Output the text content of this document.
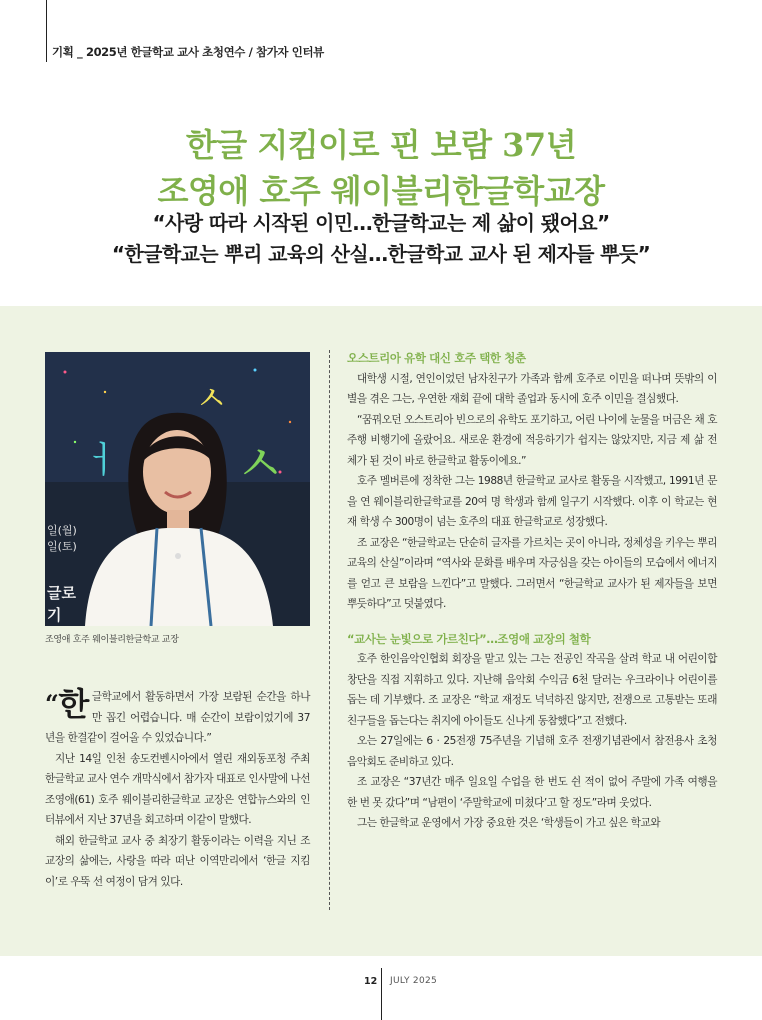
기획 _ 2025년 한글학교 교사 초청연수 / 참가자 인터뷰
한글 지킴이로 핀 보람 37년
조영애 호주 웨이블리한글학교장
“사랑 따라 시작된 이민…한글학교는 제 삶이 됐어요”
“한글학교는 뿌리 교육의 산실…한글학교 교사 된 제자들 뿌듯”
ㅅ
ㅓ ㅅ
일(월)
일(토)
글로
기
조영애 호주 웨이블리한글학교 교장

“한 글학교에서 활동하면서 가장 보람된 순간을 하나만 꼽긴 어렵습니다. 매 순간이 보람이었기에 37년을 한결같이 걸어올 수 있었습니다.”

지난 14일 인천 송도컨벤시아에서 열린 재외동포청 주최 한글학교 교사 연수 개막식에서 참가자 대표로 인사말에 나선 조영애(61) 호주 웨이블리한글학교 교장은 연합뉴스와의 인터뷰에서 지난 37년을 회고하며 이같이 말했다.

해외 한글학교 교사 중 최장기 활동이라는 이력을 지닌 조 교장의 삶에는, 사랑을 따라 떠난 이역만리에서 ‘한글 지킴이’로 우뚝 선 여정이 담겨 있다.

오스트리아 유학 대신 호주 택한 청춘

대학생 시절, 연인이었던 남자친구가 가족과 함께 호주로 이민을 떠나며 뜻밖의 이별을 겪은 그는, 우연한 재회 끝에 대학 졸업과 동시에 호주 이민을 결심했다.

“꿈꿔오던 오스트리아 빈으로의 유학도 포기하고, 어린 나이에 눈물을 머금은 채 호주행 비행기에 올랐어요. 새로운 환경에 적응하기가 쉽지는 않았지만, 지금 제 삶 전체가 된 것이 바로 한글학교 활동이에요.”

호주 멜버른에 정착한 그는 1988년 한글학교 교사로 활동을 시작했고, 1991년 문을 연 웨이블리한글학교를 20여 명 학생과 함께 일구기 시작했다. 이후 이 학교는 현재 학생 수 300명이 넘는 호주의 대표 한글학교로 성장했다.

조 교장은 “한글학교는 단순히 글자를 가르치는 곳이 아니라, 정체성을 키우는 뿌리 교육의 산실”이라며 “역사와 문화를 배우며 자긍심을 갖는 아이들의 모습에서 에너지를 얻고 큰 보람을 느낀다”고 말했다. 그러면서 “한글학교 교사가 된 제자들을 보면 뿌듯하다”고 덧붙였다.

“교사는 눈빛으로 가르친다”…조영애 교장의 철학

호주 한인음악인협회 회장을 맡고 있는 그는 전공인 작곡을 살려 학교 내 어린이합창단을 직접 지휘하고 있다. 지난해 음악회 수익금 6천 달러는 우크라이나 어린이를 돕는 데 기부했다. 조 교장은 “학교 재정도 넉넉하진 않지만, 전쟁으로 고통받는 또래 친구들을 돕는다는 취지에 아이들도 신나게 동참했다”고 전했다.

오는 27일에는 6 · 25전쟁 75주년을 기념해 호주 전쟁기념관에서 참전용사 초청 음악회도 준비하고 있다.

조 교장은 “37년간 매주 일요일 수업을 한 번도 쉰 적이 없어 주말에 가족 여행을 한 번 못 갔다”며 “남편이 ‘주말학교에 미쳤다’고 할 정도”라며 웃었다.

그는 한글학교 운영에서 가장 중요한 것은 ‘학생들이 가고 싶은 학교와

12 JULY 2025
